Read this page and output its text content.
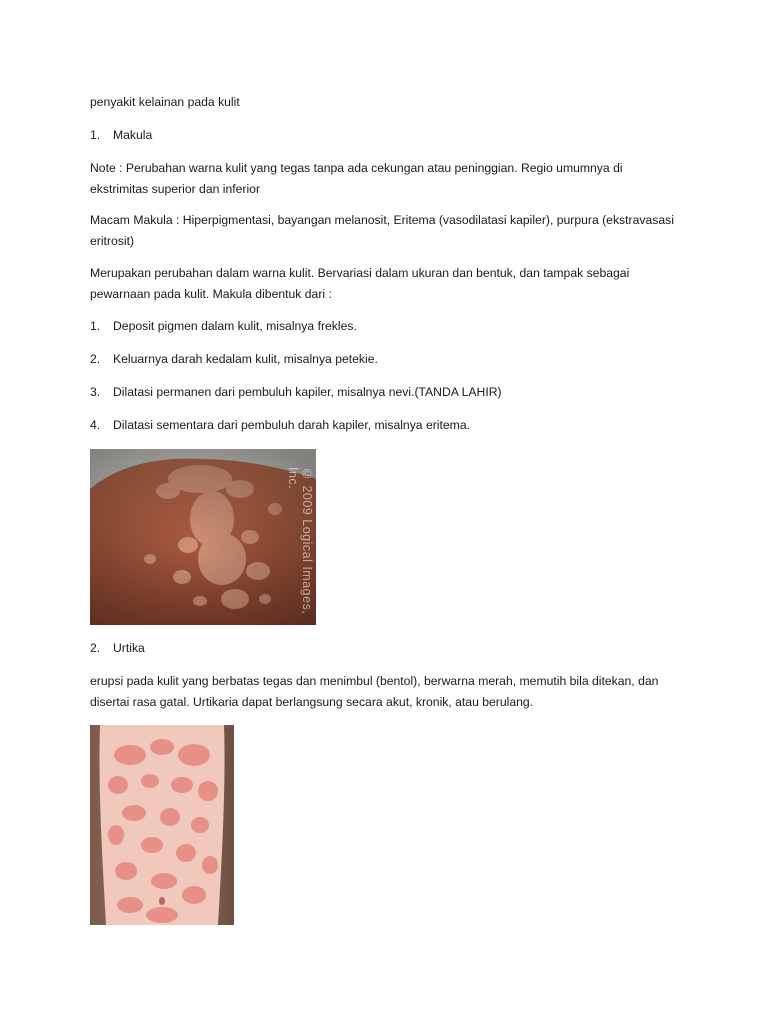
penyakit kelainan pada kulit

1. Makula

Note : Perubahan warna kulit yang tegas tanpa ada cekungan atau peninggian. Regio umumnya di ekstrimitas superior dan inferior

Macam Makula : Hiperpigmentasi, bayangan melanosit, Eritema (vasodilatasi kapiler), purpura (ekstravasasi eritrosit)

Merupakan perubahan dalam warna kulit. Bervariasi dalam ukuran dan bentuk, dan tampak sebagai pewarnaan pada kulit. Makula dibentuk dari :

1. Deposit pigmen dalam kulit, misalnya frekles.

2. Keluarnya darah kedalam kulit, misalnya petekie.

3. Dilatasi permanen dari pembuluh kapiler, misalnya nevi.(TANDA LAHIR)

4. Dilatasi sementara dari pembuluh darah kapiler, misalnya eritema.

© 2009 Logical Images, Inc.

2. Urtika

erupsi pada kulit yang berbatas tegas dan menimbul (bentol), berwarna merah, memutih bila ditekan, dan disertai rasa gatal. Urtikaria dapat berlangsung secara akut, kronik, atau berulang.
